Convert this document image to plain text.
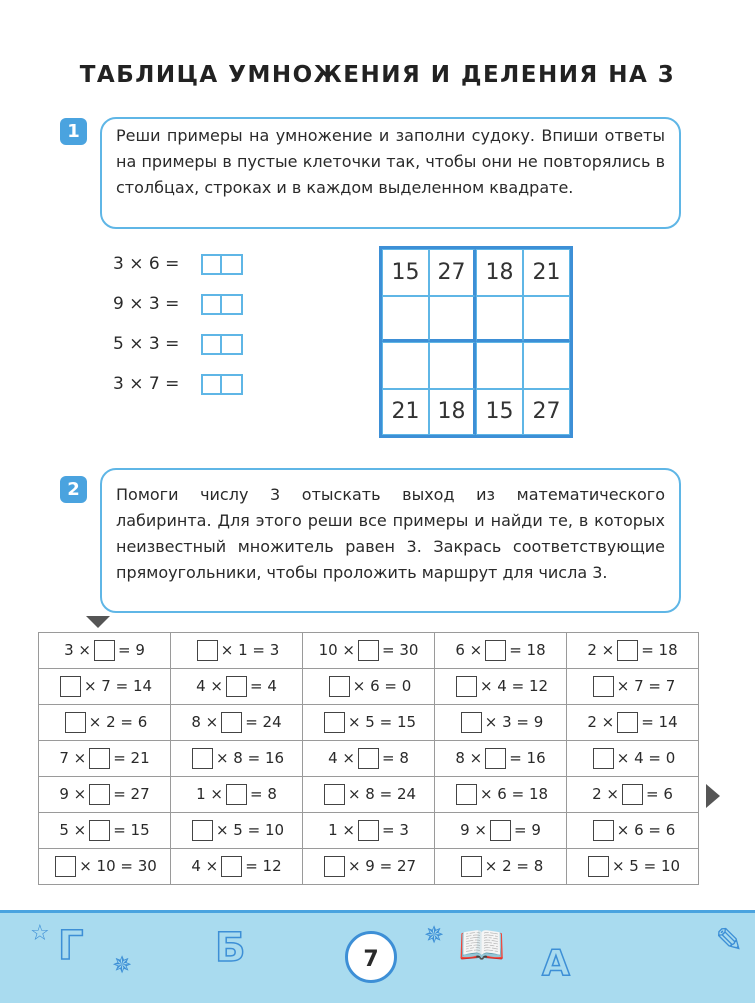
ТАБЛИЦА УМНОЖЕНИЯ И ДЕЛЕНИЯ НА 3
1	Реши примеры на умножение и заполни судоку. Впиши ответы на примеры в пустые клеточки так, чтобы они не повторялись в столбцах, строках и в каждом выделенном квадрате.
3 × 6 =
9 × 3 =
5 × 3 =
3 × 7 =
15 27 18 21
21 18 15 27
2	Помоги числу 3 отыскать выход из математического лабиринта. Для этого реши все примеры и найди те, в которых неизвестный множитель равен 3. Закрась соответствующие прямоугольники, чтобы проложить маршрут для числа 3.
3 × = 9	× 1 = 3	10 × = 30	6 × = 18	2 × = 18
× 7 = 14	4 × = 4	× 6 = 0	× 4 = 12	× 7 = 7
× 2 = 6	8 × = 24	× 5 = 15	× 3 = 9	2 × = 14
7 × = 21	× 8 = 16	4 × = 8	8 × = 16	× 4 = 0
9 × = 27	1 × = 8	× 8 = 24	× 6 = 18	2 × = 6
5 × = 15	× 5 = 10	1 × = 3	9 × = 9	× 6 = 6
× 10 = 30	4 × = 12	× 9 = 27	× 2 = 8	× 5 = 10
☆ Г ✵ Б	✵ 📖 А
✎
7
